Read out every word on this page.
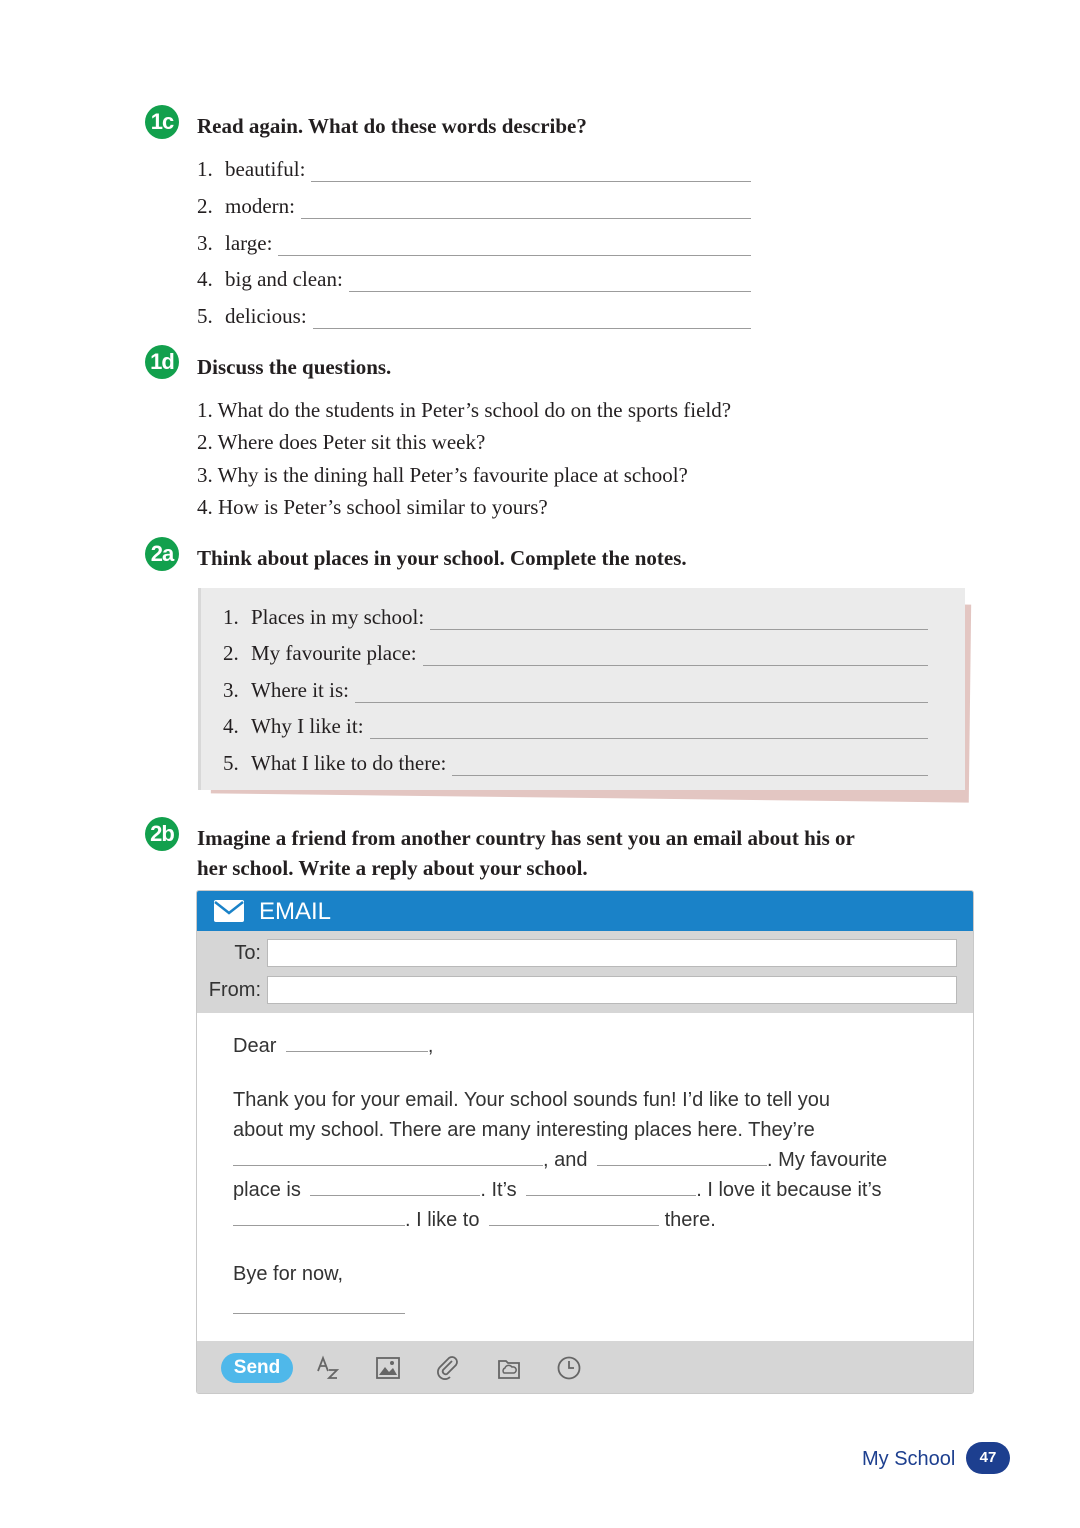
1c Read again. What do these words describe?
1. beautiful:
2. modern:
3. large:
4. big and clean:
5. delicious:
1d Discuss the questions.
1. What do the students in Peter’s school do on the sports field?
2. Where does Peter sit this week?
3. Why is the dining hall Peter’s favourite place at school?
4. How is Peter’s school similar to yours?
2a Think about places in your school. Complete the notes.
1. Places in my school:
2. My favourite place:
3. Where it is:
4. Why I like it:
5. What I like to do there:
2b Imagine a friend from another country has sent you an email about his or
her school. Write a reply about your school.
EMAIL
To:
From:
Dear	,
Thank you for your email. Your school sounds fun! I’d like to tell you
about my school. There are many interesting places here. They’re
, and	. My favourite
place is	. It’s	. I love it because it’s
. I like to	there.
Bye for now,
Send
My School	47
